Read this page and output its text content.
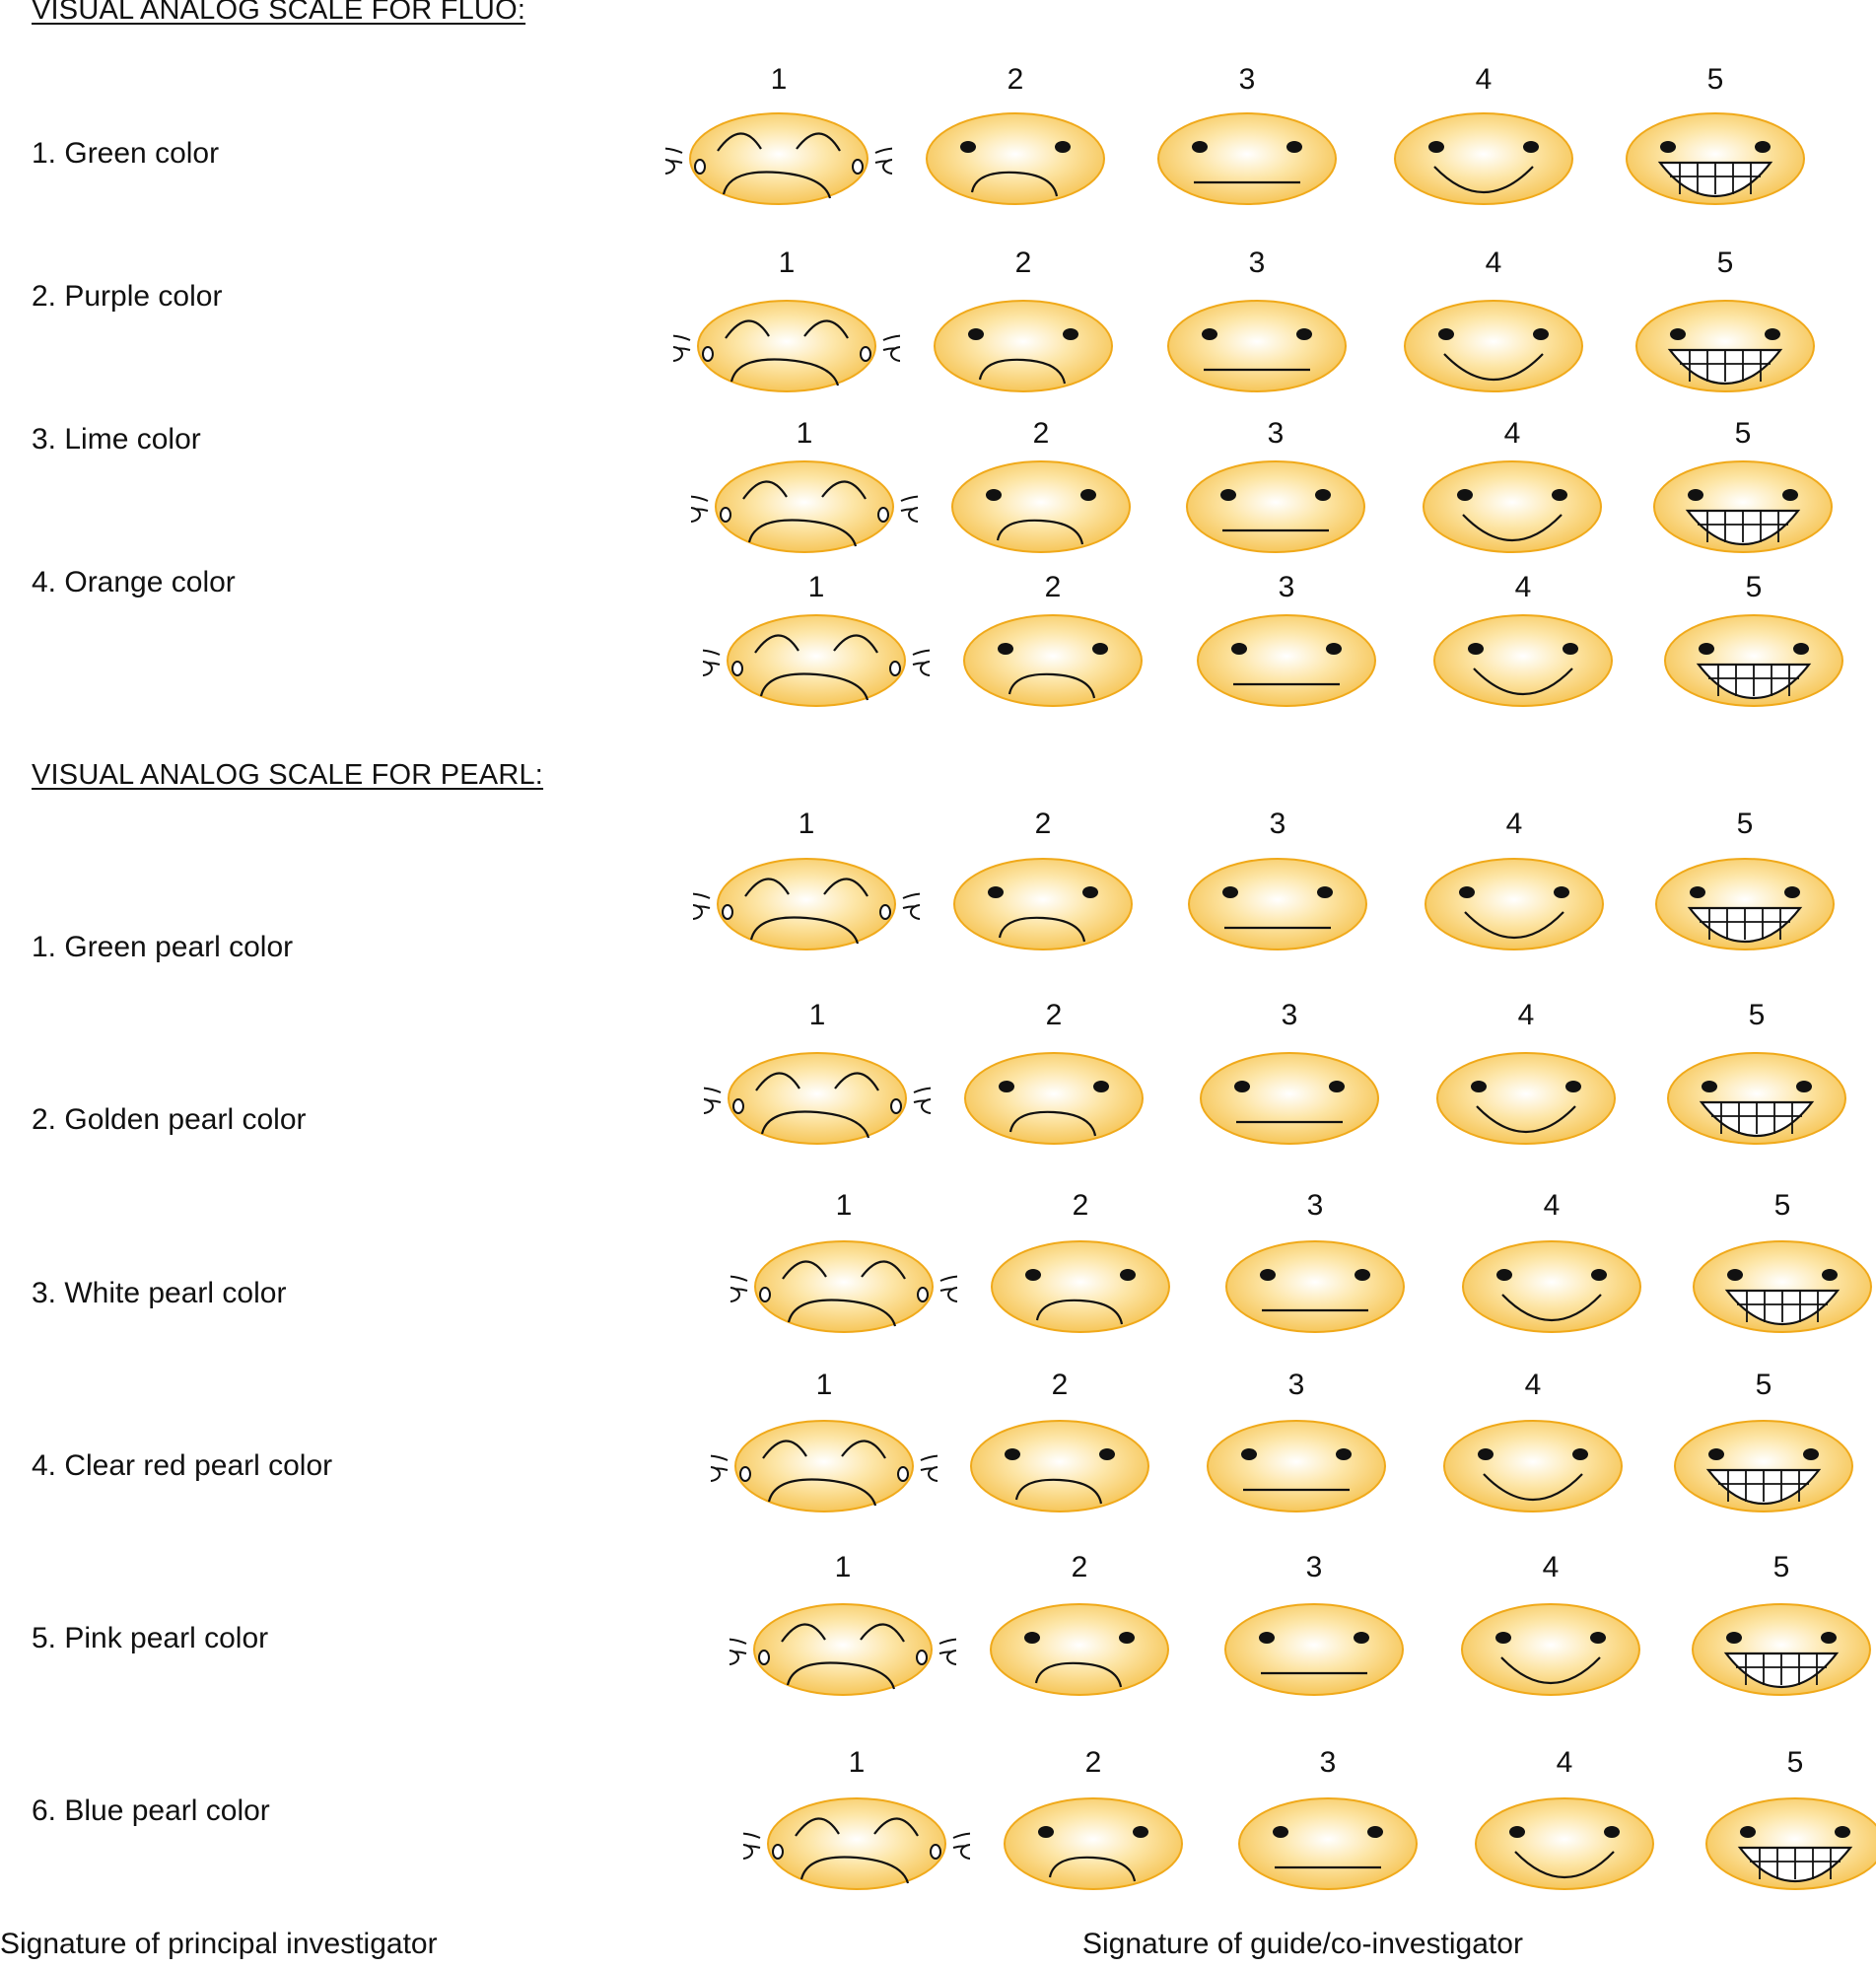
VISUAL ANALOG SCALE FOR FLUO:
VISUAL ANALOG SCALE FOR PEARL:
1. Green color
1	2	3	4	5
2. Purple color
1	2	3	4	5
3. Lime color	1	2	3	4	5
4. Orange color	1	2	3	4	5
1. Green pearl color
1	2	3	4	5
2. Golden pearl color
1	2	3	4	5
3. White pearl color
1	2	3	4	5
4. Clear red pearl color
1	2	3	4	5
5. Pink pearl color
1	2	3	4	5
6. Blue pearl color
1	2	3	4	5
Signature of principal investigator	Signature of guide/co-investigator
